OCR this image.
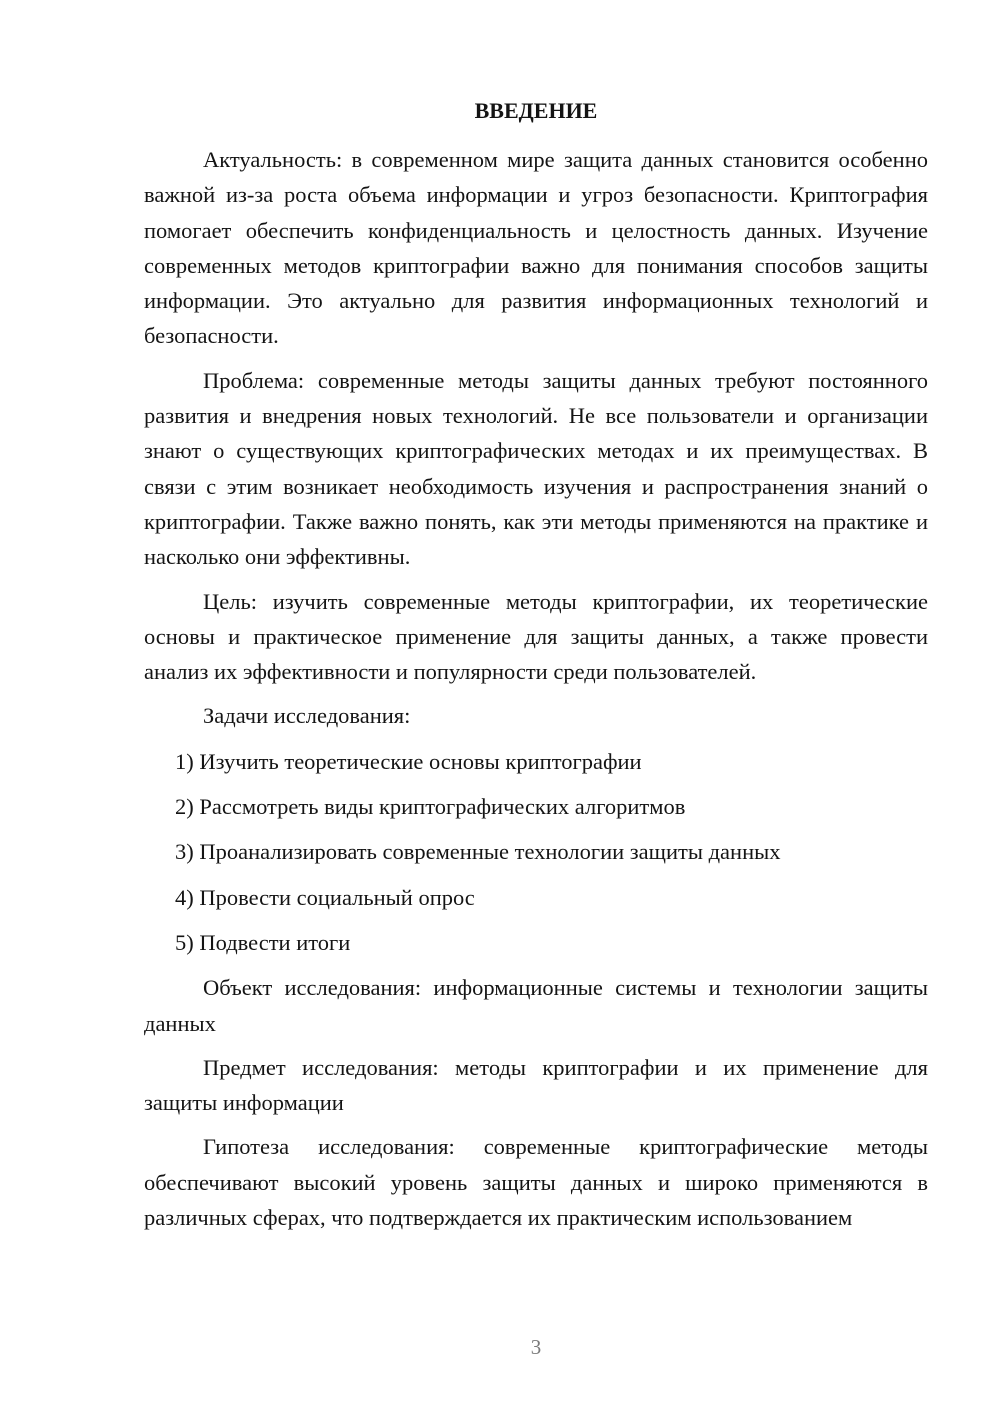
ВВЕДЕНИЕ

Актуальность: в современном мире защита данных становится особенно важной из-за роста объема информации и угроз безопасности. Криптография помогает обеспечить конфиденциальность и целостность данных. Изучение современных методов криптографии важно для понимания способов защиты информации. Это актуально для развития информационных технологий и безопасности.

Проблема: современные методы защиты данных требуют постоянного развития и внедрения новых технологий. Не все пользователи и организации знают о существующих криптографических методах и их преимуществах. В связи с этим возникает необходимость изучения и распространения знаний о криптографии. Также важно понять, как эти методы применяются на практике и насколько они эффективны.

Цель: изучить современные методы криптографии, их теоретические основы и практическое применение для защиты данных, а также провести анализ их эффективности и популярности среди пользователей.

Задачи исследования:

1) Изучить теоретические основы криптографии
2) Рассмотреть виды криптографических алгоритмов
3) Проанализировать современные технологии защиты данных
4) Провести социальный опрос
5) Подвести итоги

Объект исследования: информационные системы и технологии защиты данных

Предмет исследования: методы криптографии и их применение для защиты информации

Гипотеза исследования: современные криптографические методы обеспечивают высокий уровень защиты данных и широко применяются в различных сферах, что подтверждается их практическим использованием

3
